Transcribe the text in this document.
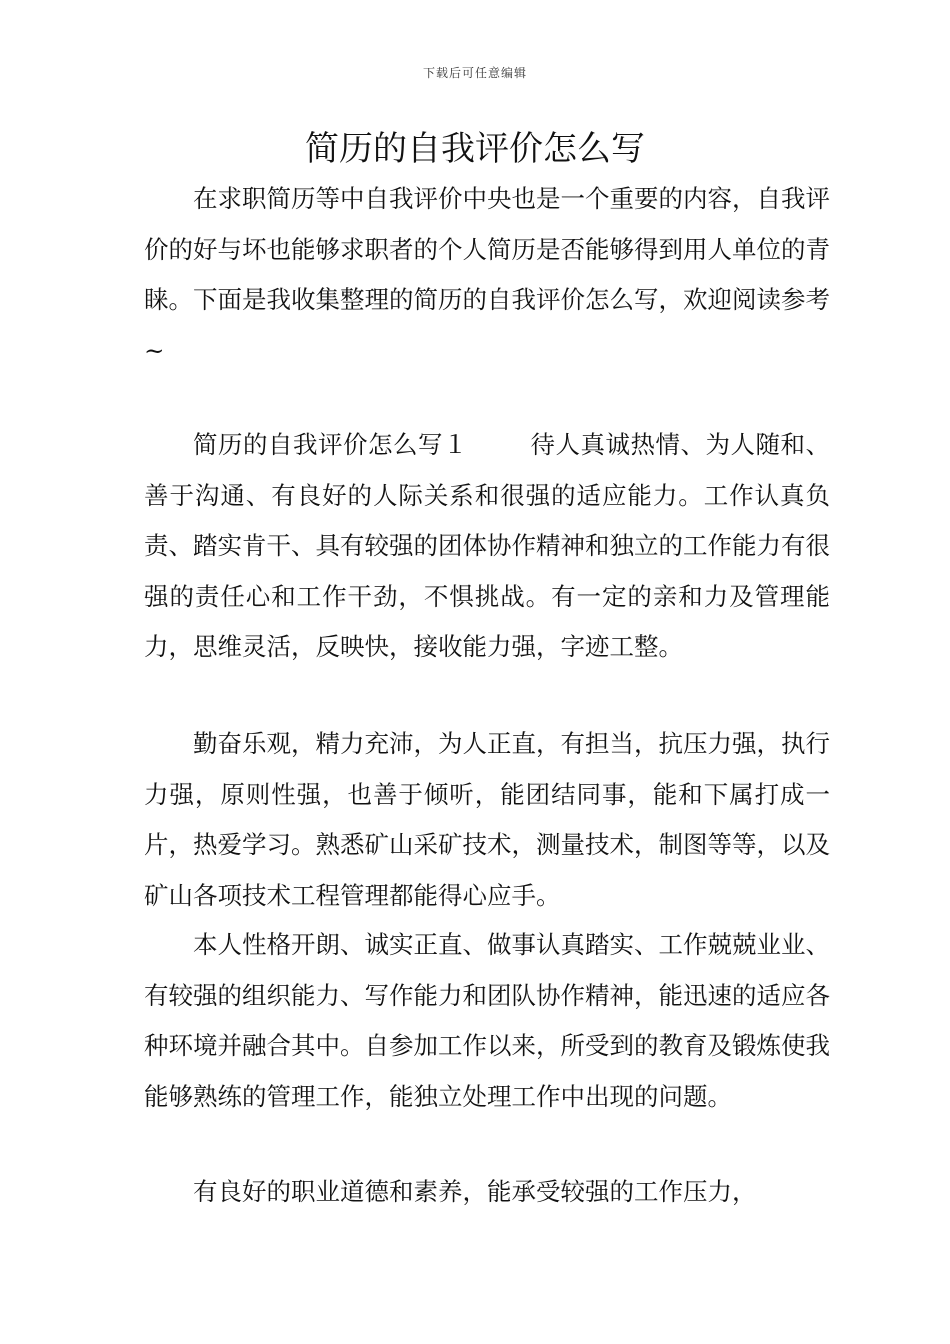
下载后可任意编辑
简历的自我评价怎么写

在求职简历等中自我评价中央也是一个重要的内容，自我评价的好与坏也能够求职者的个人简历是否能够得到用人单位的青睐。下面是我收集整理的简历的自我评价怎么写，欢迎阅读参考~

简历的自我评价怎么写１	待人真诚热情、为人随和、善于沟通、有良好的人际关系和很强的适应能力。工作认真负责、踏实肯干、具有较强的团体协作精神和独立的工作能力有很强的责任心和工作干劲，不惧挑战。有一定的亲和力及管理能力，思维灵活，反映快，接收能力强，字迹工整。

勤奋乐观，精力充沛，为人正直，有担当，抗压力强，执行力强，原则性强，也善于倾听，能团结同事，能和下属打成一片，热爱学习。熟悉矿山采矿技术，测量技术，制图等等，以及矿山各项技术工程管理都能得心应手。

本人性格开朗、诚实正直、做事认真踏实、工作兢兢业业、有较强的组织能力、写作能力和团队协作精神，能迅速的适应各种环境并融合其中。自参加工作以来，所受到的教育及锻炼使我能够熟练的管理工作，能独立处理工作中出现的问题。

有良好的职业道德和素养，能承受较强的工作压力，
